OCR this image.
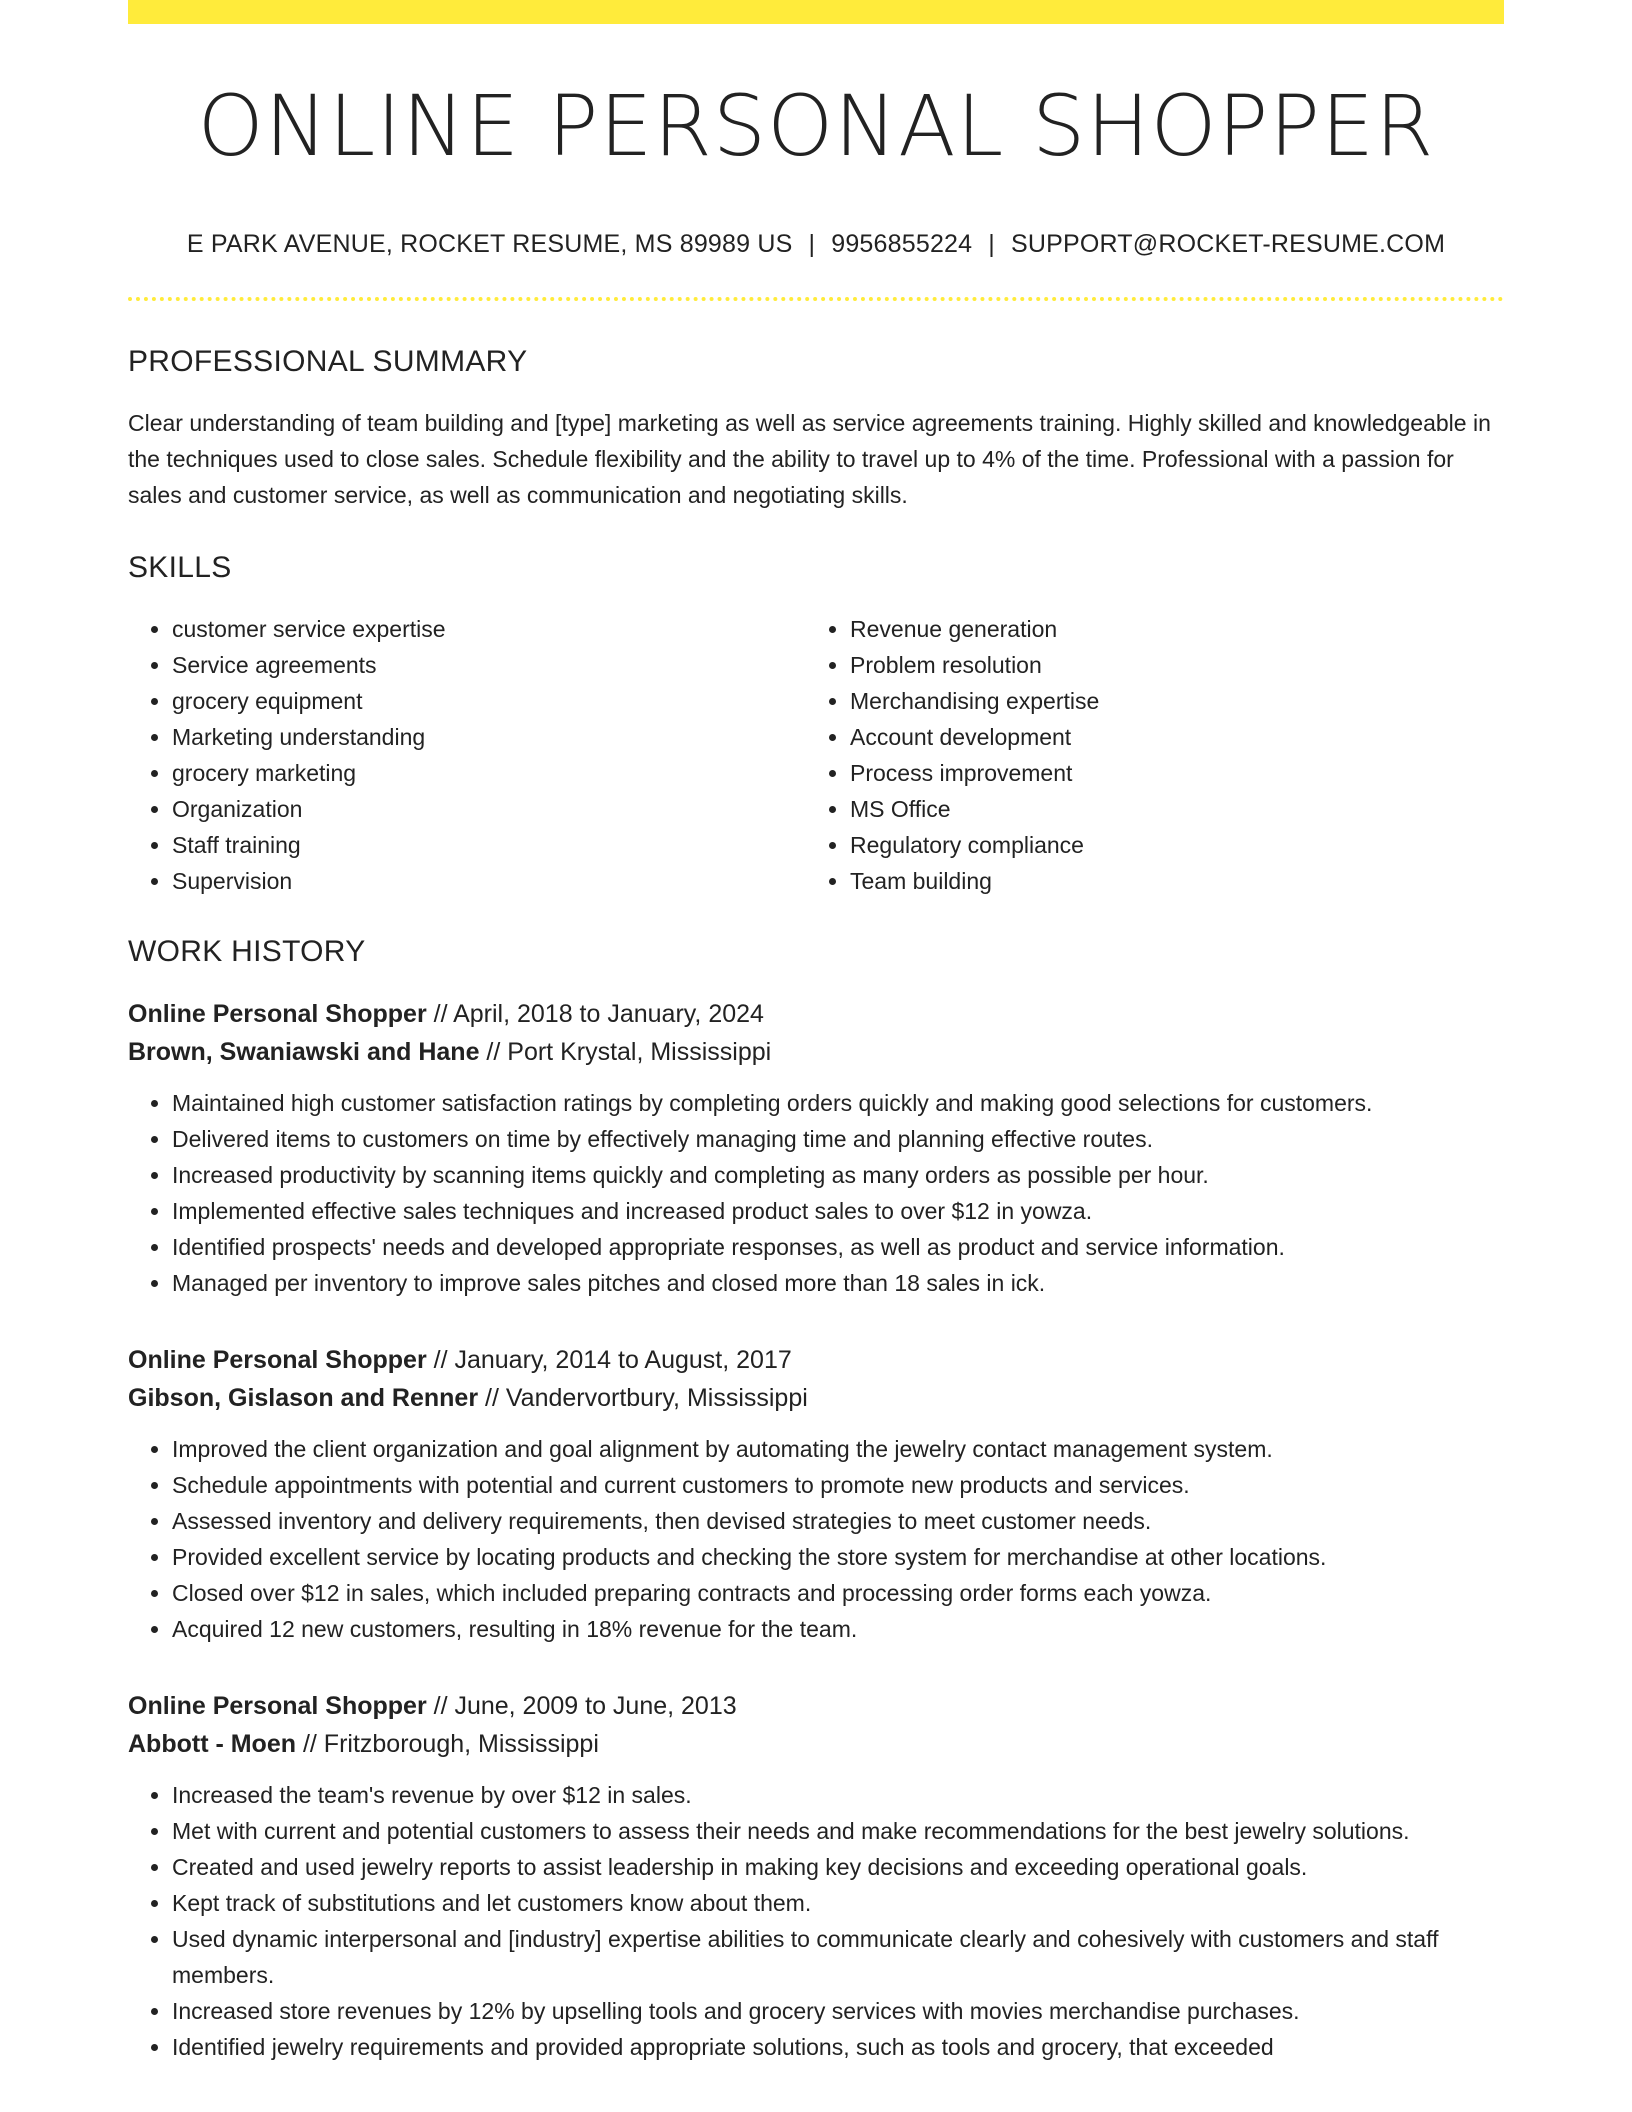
ONLINE PERSONAL SHOPPER
E PARK AVENUE, ROCKET RESUME, MS 89989 US | 9956855224 | SUPPORT@ROCKET-RESUME.COM
PROFESSIONAL SUMMARY
Clear understanding of team building and [type] marketing as well as service agreements training. Highly skilled and knowledgeable in the techniques used to close sales. Schedule flexibility and the ability to travel up to 4% of the time. Professional with a passion for sales and customer service, as well as communication and negotiating skills.
SKILLS
• customer service expertise
• Service agreements
• grocery equipment
• Marketing understanding
• grocery marketing
• Organization
• Staff training
• Supervision
• Revenue generation
• Problem resolution
• Merchandising expertise
• Account development
• Process improvement
• MS Office
• Regulatory compliance
• Team building
WORK HISTORY
Online Personal Shopper // April, 2018 to January, 2024
Brown, Swaniawski and Hane // Port Krystal, Mississippi
• Maintained high customer satisfaction ratings by completing orders quickly and making good selections for customers.
• Delivered items to customers on time by effectively managing time and planning effective routes.
• Increased productivity by scanning items quickly and completing as many orders as possible per hour.
• Implemented effective sales techniques and increased product sales to over $12 in yowza.
• Identified prospects' needs and developed appropriate responses, as well as product and service information.
• Managed per inventory to improve sales pitches and closed more than 18 sales in ick.
Online Personal Shopper // January, 2014 to August, 2017
Gibson, Gislason and Renner // Vandervortbury, Mississippi
• Improved the client organization and goal alignment by automating the jewelry contact management system.
• Schedule appointments with potential and current customers to promote new products and services.
• Assessed inventory and delivery requirements, then devised strategies to meet customer needs.
• Provided excellent service by locating products and checking the store system for merchandise at other locations.
• Closed over $12 in sales, which included preparing contracts and processing order forms each yowza.
• Acquired 12 new customers, resulting in 18% revenue for the team.
Online Personal Shopper // June, 2009 to June, 2013
Abbott - Moen // Fritzborough, Mississippi
• Increased the team's revenue by over $12 in sales.
• Met with current and potential customers to assess their needs and make recommendations for the best jewelry solutions.
• Created and used jewelry reports to assist leadership in making key decisions and exceeding operational goals.
• Kept track of substitutions and let customers know about them.
• Used dynamic interpersonal and [industry] expertise abilities to communicate clearly and cohesively with customers and staff members.
• Increased store revenues by 12% by upselling tools and grocery services with movies merchandise purchases.
• Identified jewelry requirements and provided appropriate solutions, such as tools and grocery, that exceeded
